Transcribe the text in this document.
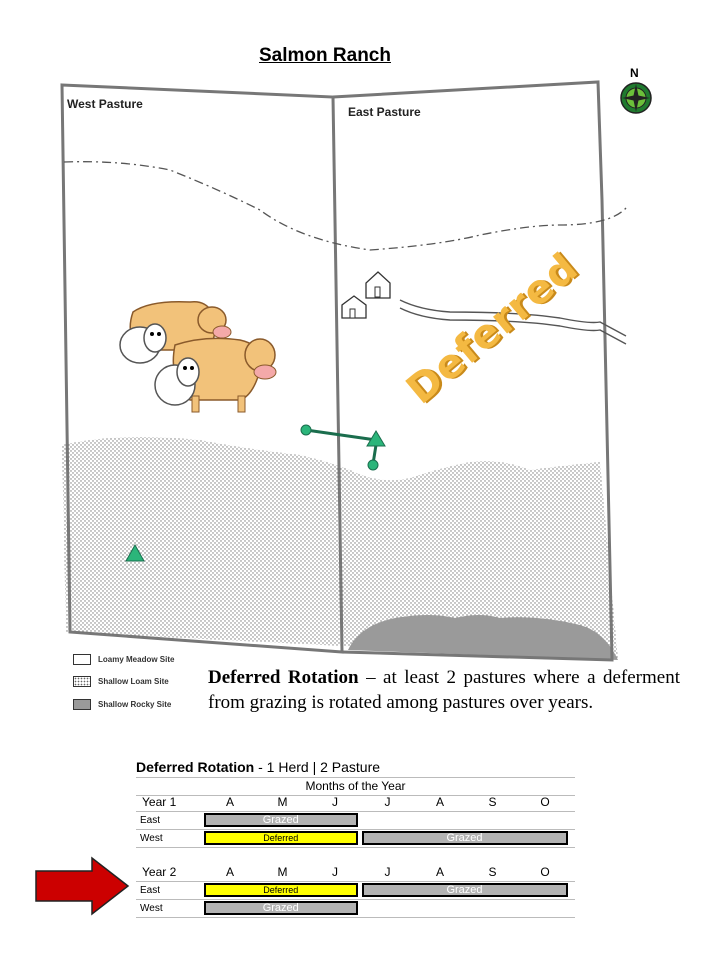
Salmon Ranch
N
West Pasture
East Pasture
Deferred
Loamy Meadow Site
Shallow Loam Site
Shallow Rocky Site
Deferred Rotation – at least 2 pastures where a deferment from grazing is rotated among pastures over years.
Deferred Rotation - 1 Herd | 2 Pasture
Months of the Year
Year 1	A	M	J	J	A	S	O
East	Grazed
West	Deferred	Grazed
Year 2	A	M	J	J	A	S	O
East	Deferred	Grazed
West	Grazed
